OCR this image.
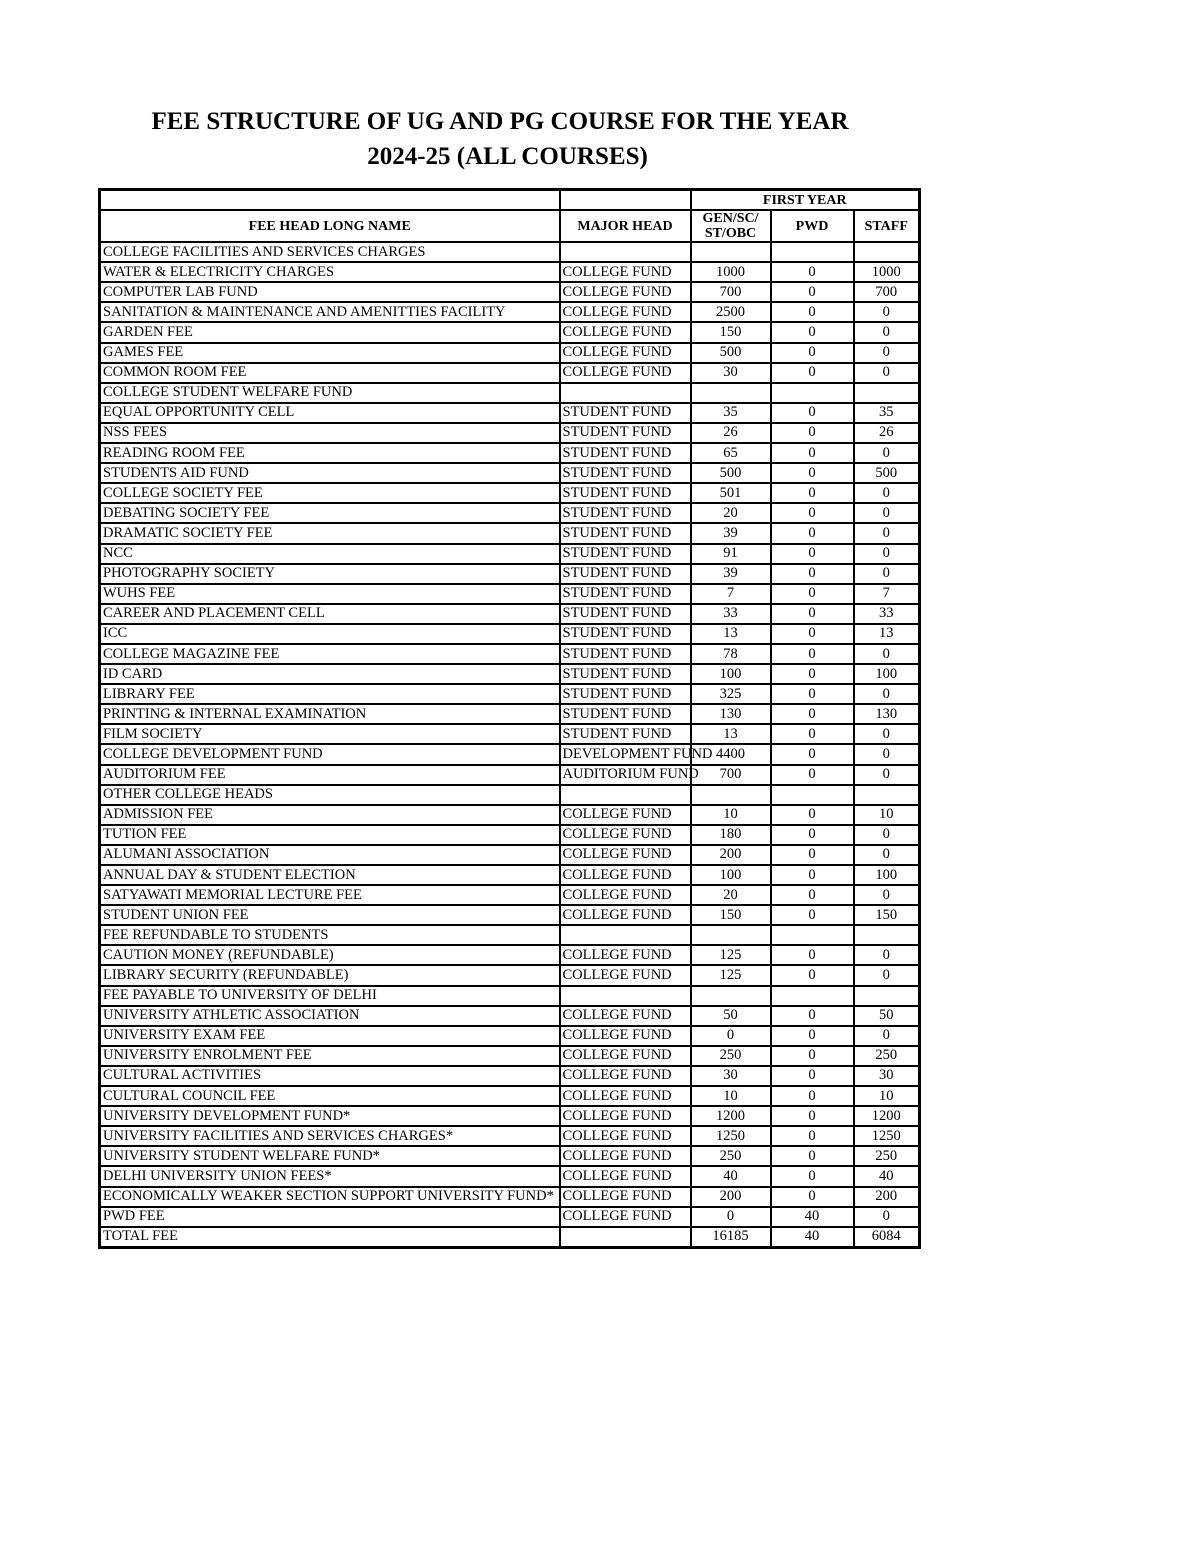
FEE STRUCTURE OF UG AND PG COURSE FOR THE YEAR
2024-25 (ALL COURSES)
		FIRST YEAR		
FEE HEAD LONG NAME	MAJOR HEAD	GEN/SC/
ST/OBC	PWD	STAFF
COLLEGE FACILITIES AND SERVICES CHARGES				
WATER & ELECTRICITY CHARGES	COLLEGE FUND	1000	0	1000
COMPUTER LAB FUND	COLLEGE FUND	700	0	700
SANITATION & MAINTENANCE AND AMENITTIES FACILITY	COLLEGE FUND	2500	0	0
GARDEN FEE	COLLEGE FUND	150	0	0
GAMES FEE	COLLEGE FUND	500	0	0
COMMON ROOM FEE	COLLEGE FUND	30	0	0
COLLEGE STUDENT WELFARE FUND				
EQUAL OPPORTUNITY CELL	STUDENT FUND	35	0	35
NSS FEES	STUDENT FUND	26	0	26
READING ROOM FEE	STUDENT FUND	65	0	0
STUDENTS AID FUND	STUDENT FUND	500	0	500
COLLEGE SOCIETY FEE	STUDENT FUND	501	0	0
DEBATING SOCIETY FEE	STUDENT FUND	20	0	0
DRAMATIC SOCIETY FEE	STUDENT FUND	39	0	0
NCC	STUDENT FUND	91	0	0
PHOTOGRAPHY SOCIETY	STUDENT FUND	39	0	0
WUHS FEE	STUDENT FUND	7	0	7
CAREER AND PLACEMENT CELL	STUDENT FUND	33	0	33
ICC	STUDENT FUND	13	0	13
COLLEGE MAGAZINE FEE	STUDENT FUND	78	0	0
ID CARD	STUDENT FUND	100	0	100
LIBRARY FEE	STUDENT FUND	325	0	0
PRINTING & INTERNAL EXAMINATION	STUDENT FUND	130	0	130
FILM SOCIETY	STUDENT FUND	13	0	0
COLLEGE DEVELOPMENT FUND	DEVELOPMENT FUND	4400	0	0
AUDITORIUM FEE	AUDITORIUM FUND	700	0	0
OTHER COLLEGE HEADS				
ADMISSION FEE	COLLEGE FUND	10	0	10
TUTION FEE	COLLEGE FUND	180	0	0
ALUMANI ASSOCIATION	COLLEGE FUND	200	0	0
ANNUAL DAY & STUDENT ELECTION	COLLEGE FUND	100	0	100
SATYAWATI MEMORIAL LECTURE FEE	COLLEGE FUND	20	0	0
STUDENT UNION FEE	COLLEGE FUND	150	0	150
FEE REFUNDABLE TO STUDENTS				
CAUTION MONEY (REFUNDABLE)	COLLEGE FUND	125	0	0
LIBRARY SECURITY (REFUNDABLE)	COLLEGE FUND	125	0	0
FEE PAYABLE TO UNIVERSITY OF DELHI				
UNIVERSITY ATHLETIC ASSOCIATION	COLLEGE FUND	50	0	50
UNIVERSITY EXAM FEE	COLLEGE FUND	0	0	0
UNIVERSITY ENROLMENT FEE	COLLEGE FUND	250	0	250
CULTURAL ACTIVITIES	COLLEGE FUND	30	0	30
CULTURAL COUNCIL FEE	COLLEGE FUND	10	0	10
UNIVERSITY DEVELOPMENT FUND*	COLLEGE FUND	1200	0	1200
UNIVERSITY FACILITIES AND SERVICES CHARGES*	COLLEGE FUND	1250	0	1250
UNIVERSITY STUDENT WELFARE FUND*	COLLEGE FUND	250	0	250
DELHI UNIVERSITY UNION FEES*	COLLEGE FUND	40	0	40
ECONOMICALLY WEAKER SECTION SUPPORT UNIVERSITY FUND*	COLLEGE FUND	200	0	200
PWD FEE	COLLEGE FUND	0	40	0
TOTAL FEE		16185	40	6084
